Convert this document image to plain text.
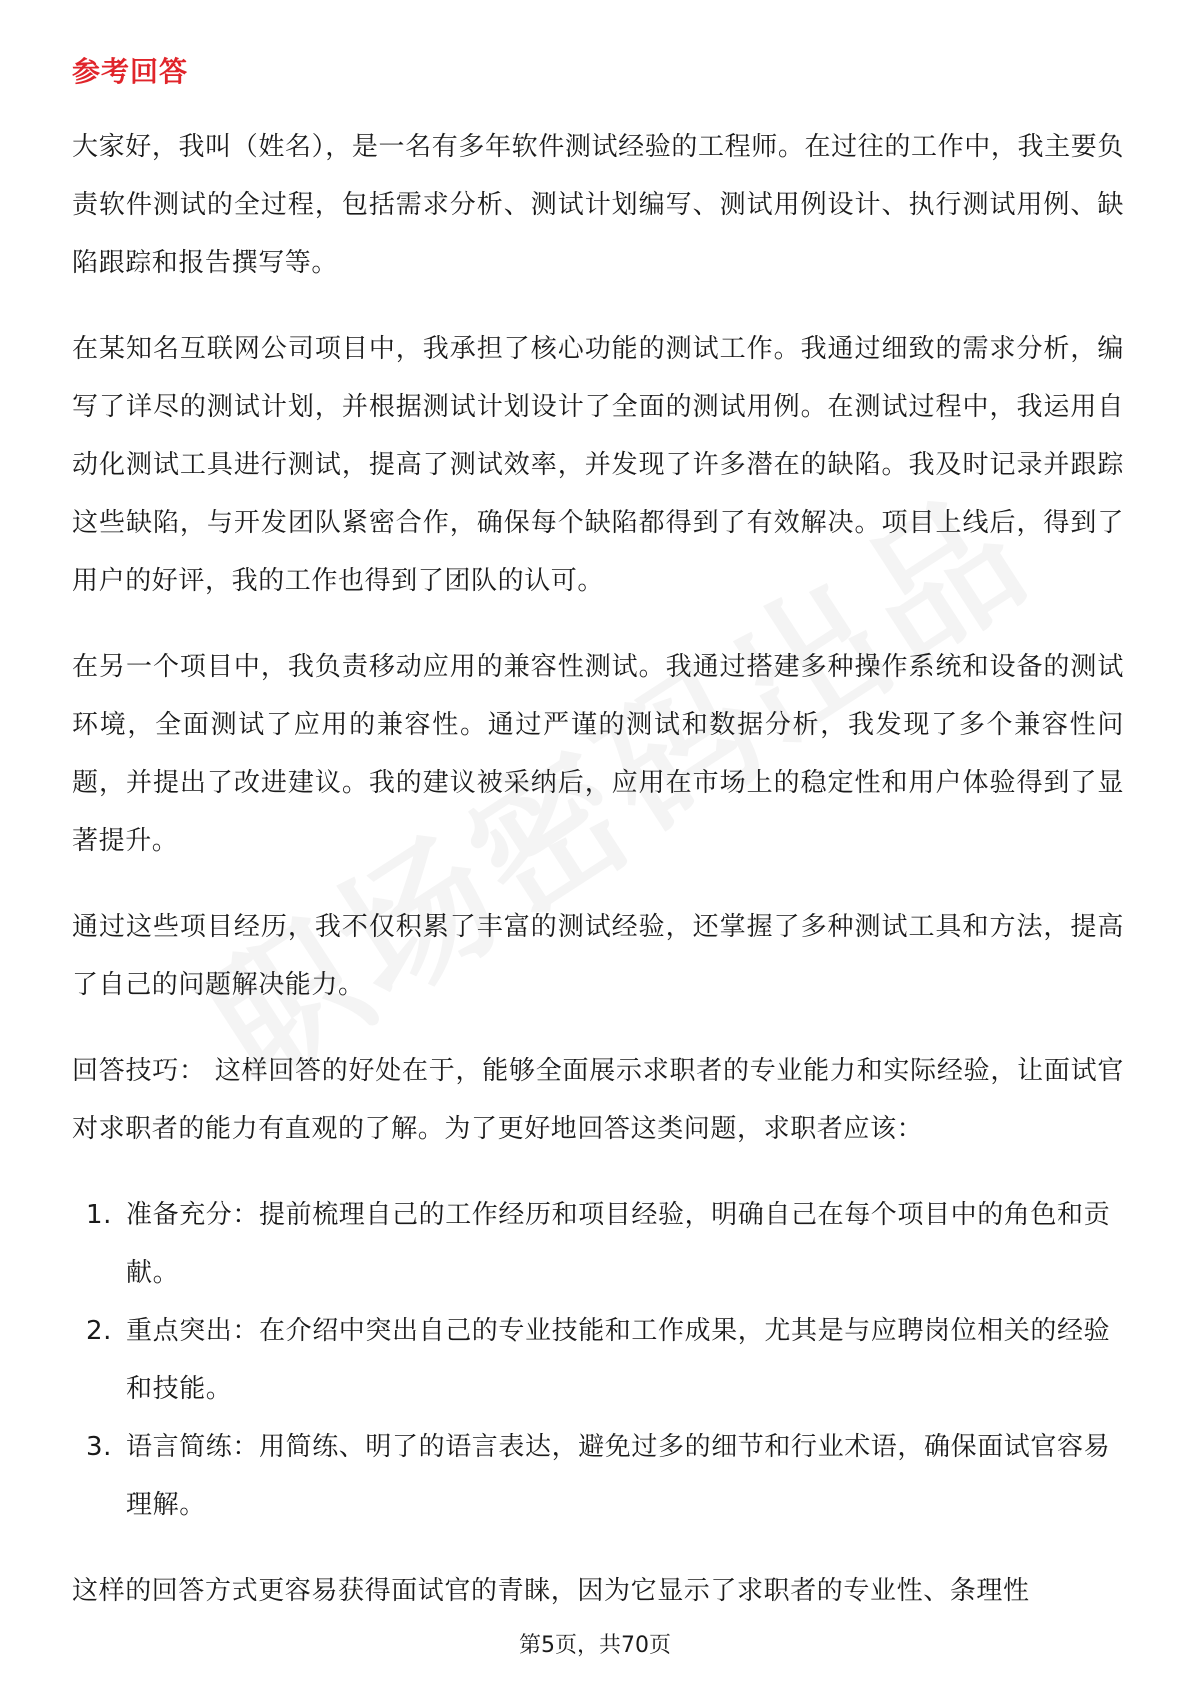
参考回答

大家好，我叫（姓名），是一名有多年软件测试经验的工程师。在过往的工作中，我主要负责软件测试的全过程，包括需求分析、测试计划编写、测试用例设计、执行测试用例、缺陷跟踪和报告撰写等。

在某知名互联网公司项目中，我承担了核心功能的测试工作。我通过细致的需求分析，编写了详尽的测试计划，并根据测试计划设计了全面的测试用例。在测试过程中，我运用自动化测试工具进行测试，提高了测试效率，并发现了许多潜在的缺陷。我及时记录并跟踪这些缺陷，与开发团队紧密合作，确保每个缺陷都得到了有效解决。项目上线后，得到了用户的好评，我的工作也得到了团队的认可。

在另一个项目中，我负责移动应用的兼容性测试。我通过搭建多种操作系统和设备的测试环境，全面测试了应用的兼容性。通过严谨的测试和数据分析，我发现了多个兼容性问题，并提出了改进建议。我的建议被采纳后，应用在市场上的稳定性和用户体验得到了显著提升。

通过这些项目经历，我不仅积累了丰富的测试经验，还掌握了多种测试工具和方法，提高了自己的问题解决能力。

回答技巧： 这样回答的好处在于，能够全面展示求职者的专业能力和实际经验，让面试官对求职者的能力有直观的了解。为了更好地回答这类问题，求职者应该：

1. 准备充分：提前梳理自己的工作经历和项目经验，明确自己在每个项目中的角色和贡献。
2. 重点突出：在介绍中突出自己的专业技能和工作成果，尤其是与应聘岗位相关的经验和技能。
3. 语言简练：用简练、明了的语言表达，避免过多的细节和行业术语，确保面试官容易理解。

这样的回答方式更容易获得面试官的青睐，因为它显示了求职者的专业性、条理性

第5页，共70页
